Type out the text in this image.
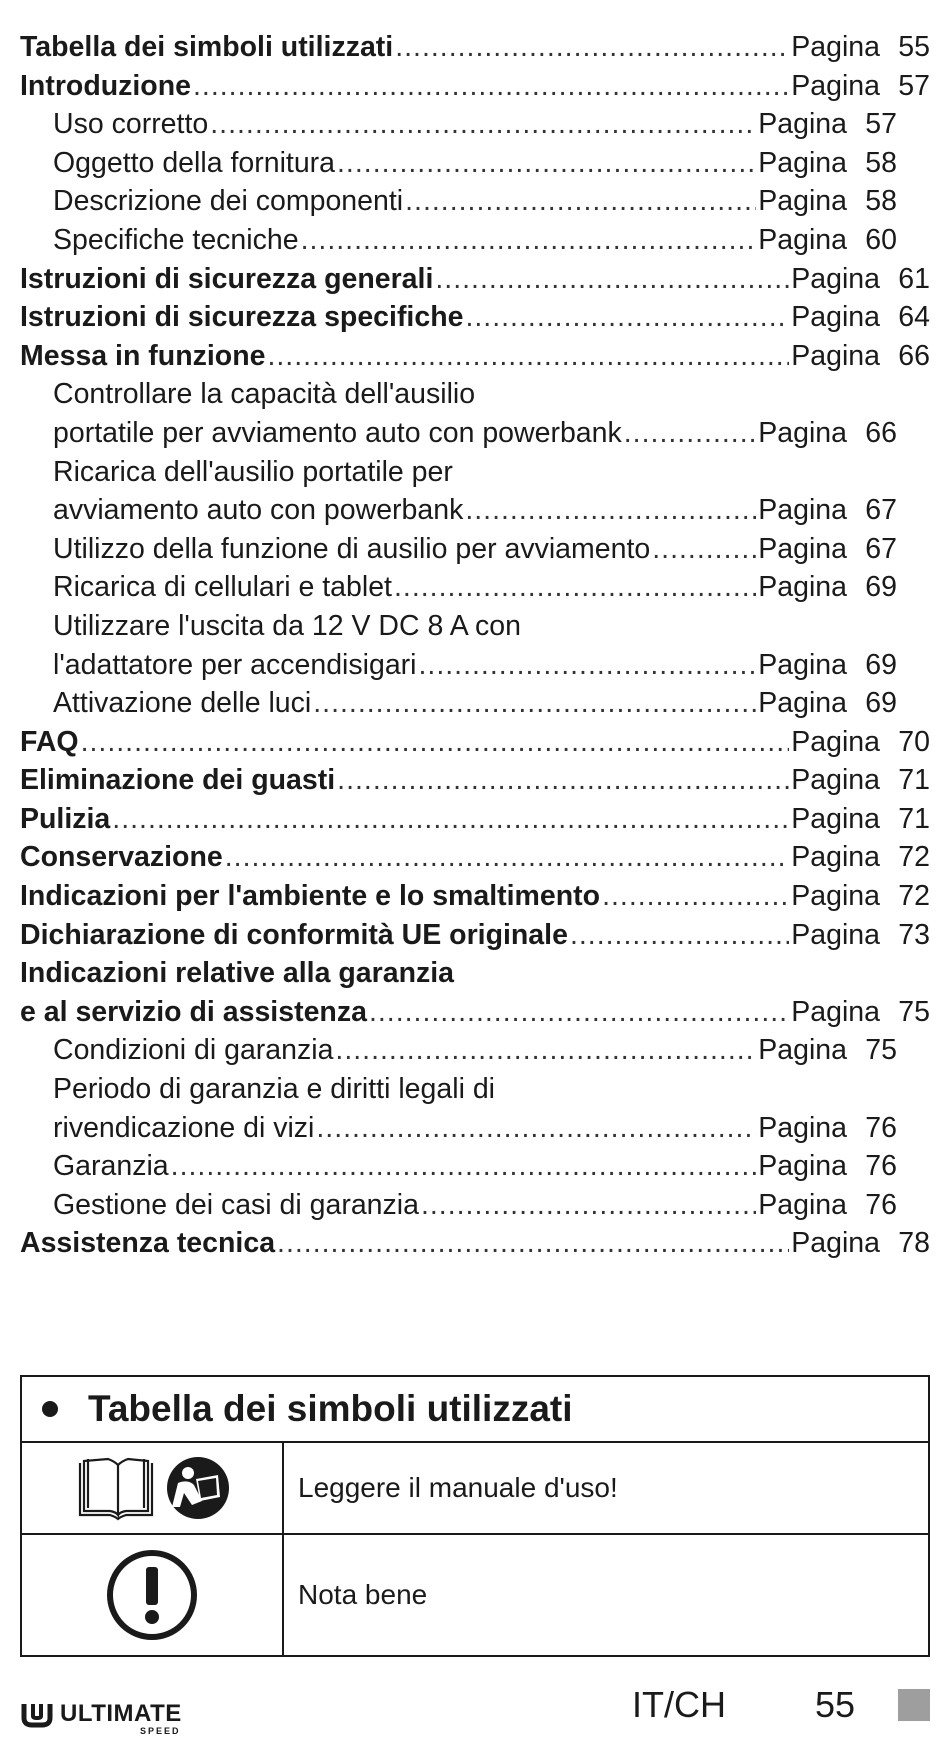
Tabella dei simboli utilizzati .....	Pagina 55
Introduzione .....	Pagina 57
Uso corretto .....	Pagina 57
Oggetto della fornitura .....	Pagina 58
Descrizione dei componenti .....	Pagina 58
Specifiche tecniche .....	Pagina 60
Istruzioni di sicurezza generali .....	Pagina 61
Istruzioni di sicurezza specifiche .....	Pagina 64
Messa in funzione .....	Pagina 66
Controllare la capacità dell'ausilio
portatile per avviamento auto con powerbank .....	Pagina 66
Ricarica dell'ausilio portatile per
avviamento auto con powerbank .....	Pagina 67
Utilizzo della funzione di ausilio per avviamento .....	Pagina 67
Ricarica di cellulari e tablet .....	Pagina 69
Utilizzare l'uscita da 12 V DC 8 A con
l'adattatore per accendisigari .....	Pagina 69
Attivazione delle luci .....	Pagina 69
FAQ .....	Pagina 70
Eliminazione dei guasti .....	Pagina 71
Pulizia .....	Pagina 71
Conservazione .....	Pagina 72
Indicazioni per l'ambiente e lo smaltimento .....	Pagina 72
Dichiarazione di conformità UE originale .....	Pagina 73
Indicazioni relative alla garanzia
e al servizio di assistenza .....	Pagina 75
Condizioni di garanzia .....	Pagina 75
Periodo di garanzia e diritti legali di
rivendicazione di vizi .....	Pagina 76
Garanzia .....	Pagina 76
Gestione dei casi di garanzia .....	Pagina 76
Assistenza tecnica .....	Pagina 78
Tabella dei simboli utilizzati
Leggere il manuale d'uso!
Nota bene
ULTIMATE
SPEED
IT/CH 55
